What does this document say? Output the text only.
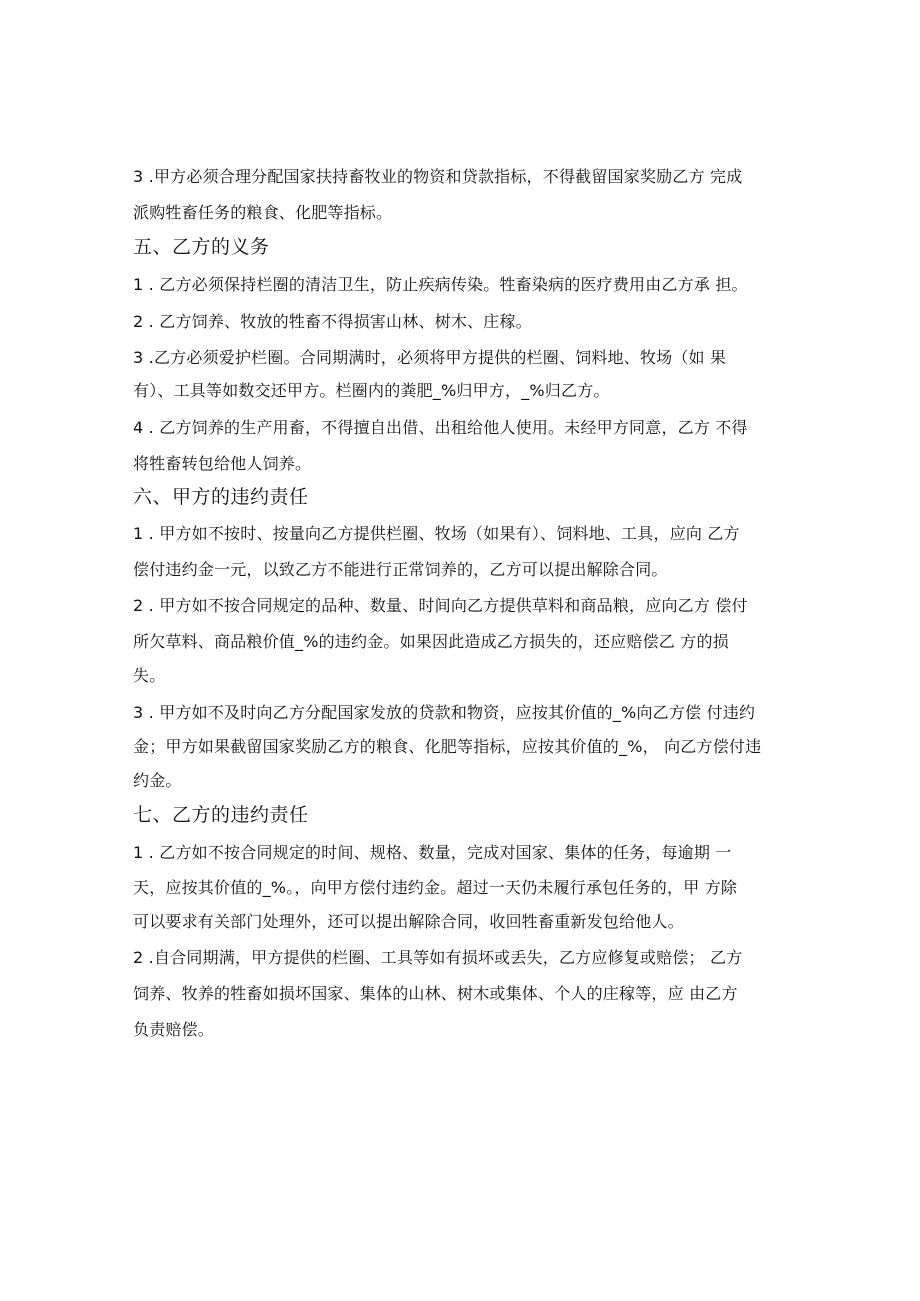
3 .甲方必须合理分配国家扶持畜牧业的物资和贷款指标，不得截留国家奖励乙方 完成
派购牲畜任务的粮食、化肥等指标。
五、乙方的义务
1 . 乙方必须保持栏圈的清洁卫生，防止疾病传染。牲畜染病的医疗费用由乙方承 担。
2 . 乙方饲养、牧放的牲畜不得损害山林、树木、庄稼。
3 .乙方必须爱护栏圈。合同期满时，必须将甲方提供的栏圈、饲料地、牧场（如 果
有）、工具等如数交还甲方。栏圈内的粪肥_%归甲方，_%归乙方。
4 . 乙方饲养的生产用畜，不得擅自出借、出租给他人使用。未经甲方同意，乙方 不得
将牲畜转包给他人饲养。
六、甲方的违约责任
1 . 甲方如不按时、按量向乙方提供栏圈、牧场（如果有）、饲料地、工具，应向 乙方
偿付违约金一元，以致乙方不能进行正常饲养的，乙方可以提出解除合同。
2 . 甲方如不按合同规定的品种、数量、时间向乙方提供草料和商品粮，应向乙方 偿付
所欠草料、商品粮价值_%的违约金。如果因此造成乙方损失的，还应赔偿乙 方的损
失。
3 . 甲方如不及时向乙方分配国家发放的贷款和物资，应按其价值的_%向乙方偿 付违约
金；甲方如果截留国家奖励乙方的粮食、化肥等指标，应按其价值的_%， 向乙方偿付违
约金。
七、乙方的违约责任
1 . 乙方如不按合同规定的时间、规格、数量，完成对国家、集体的任务，每逾期 一
天，应按其价值的_%。，向甲方偿付违约金。超过一天仍未履行承包任务的，甲 方除
可以要求有关部门处理外，还可以提出解除合同，收回牲畜重新发包给他人。
2 .自合同期满，甲方提供的栏圈、工具等如有损坏或丢失，乙方应修复或赔偿； 乙方
饲养、牧养的牲畜如损坏国家、集体的山林、树木或集体、个人的庄稼等，应 由乙方
负责赔偿。
